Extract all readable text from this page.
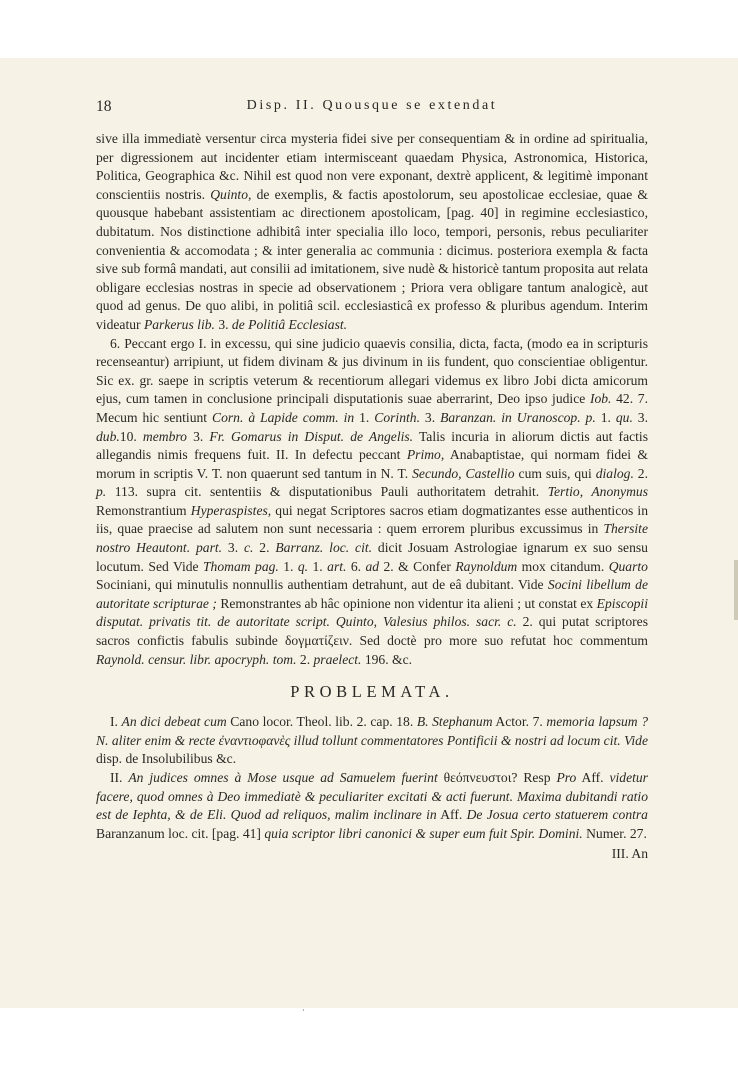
18	Disp. II. Quousque se extendat

sive illa immediatè versentur circa mysteria fidei sive per consequentiam & in ordine ad spiritualia, per digressionem aut incidenter etiam intermisceant quaedam Physica, Astronomica, Historica, Politica, Geographica &c. Nihil est quod non vere exponant, dextrè applicent, & legitimè imponant conscientiis nostris. Quinto, de exemplis, & factis apostolorum, seu apostolicae ecclesiae, quae & quousque habebant assistentiam ac directionem apostolicam, [pag. 40] in regimine ecclesiastico, dubitatum. Nos distinctione adhibitâ inter specialia illo loco, tempori, personis, rebus peculiariter convenientia & accomodata ; & inter generalia ac communia : dicimus. posteriora exempla & facta sive sub formâ mandati, aut consilii ad imitationem, sive nudè & historicè tantum proposita aut relata obligare ecclesias nostras in specie ad observationem ; Priora vera obligare tantum analogicè, aut quod ad genus. De quo alibi, in politiâ scil. ecclesiasticâ ex professo & pluribus agendum. Interim videatur Parkerus lib. 3. de Politiâ Ecclesiast.

6. Peccant ergo I. in excessu, qui sine judicio quaevis consilia, dicta, facta, (modo ea in scripturis recenseantur) arripiunt, ut fidem divinam & jus divinum in iis fundent, quo conscientiae obligentur. Sic ex. gr. saepe in scriptis veterum & recentiorum allegari videmus ex libro Jobi dicta amicorum ejus, cum tamen in conclusione principali disputationis suae aberrarint, Deo ipso judice Iob. 42. 7. Mecum hic sentiunt Corn. à Lapide comm. in 1. Corinth. 3. Baranzan. in Uranoscop. p. 1. qu. 3. dub.10. membro 3. Fr. Gomarus in Disput. de Angelis. Talis incuria in aliorum dictis aut factis allegandis nimis frequens fuit. II. In defectu peccant Primo, Anabaptistae, qui normam fidei & morum in scriptis V. T. non quaerunt sed tantum in N. T. Secundo, Castellio cum suis, qui dialog. 2. p. 113. supra cit. sententiis & disputationibus Pauli authoritatem detrahit. Tertio, Anonymus Remonstrantium Hyperaspistes, qui negat Scriptores sacros etiam dogmatizantes esse authenticos in iis, quae praecise ad salutem non sunt necessaria : quem errorem pluribus excussimus in Thersite nostro Heautont. part. 3. c. 2. Barranz. loc. cit. dicit Josuam Astrologiae ignarum ex suo sensu locutum. Sed Vide Thomam pag. 1. q. 1. art. 6. ad 2. & Confer Raynoldum mox citandum. Quarto Sociniani, qui minutulis nonnullis authentiam detrahunt, aut de eâ dubitant. Vide Socini libellum de autoritate scripturae ; Remonstrantes ab hâc opinione non videntur ita alieni ; ut constat ex Episcopii disputat. privatis tit. de autoritate script. Quinto, Valesius philos. sacr. c. 2. qui putat scriptores sacros confictis fabulis subinde δογματίζειν. Sed doctè pro more suo refutat hoc commentum Raynold. censur. libr. apocryph. tom. 2. praelect. 196. &c.

PROBLEMATA.

I. An dici debeat cum Cano locor. Theol. lib. 2. cap. 18. B. Stephanum Actor. 7. memoria lapsum ? N. aliter enim & recte ἐναντιοφανὲς illud tollunt commentatores Pontificii & nostri ad locum cit. Vide disp. de Insolubilibus &c.

II. An judices omnes à Mose usque ad Samuelem fuerint θεόπνευστοι? Resp Pro Aff. videtur facere, quod omnes à Deo immediatè & peculiariter excitati & acti fuerunt. Maxima dubitandi ratio est de Iephta, & de Eli. Quod ad reliquos, malim inclinare in Aff. De Josua certo statuerem contra Baranzanum loc. cit. [pag. 41] quia scriptor libri canonici & super eum fuit Spir. Domini. Numer. 27.

III. An
·
